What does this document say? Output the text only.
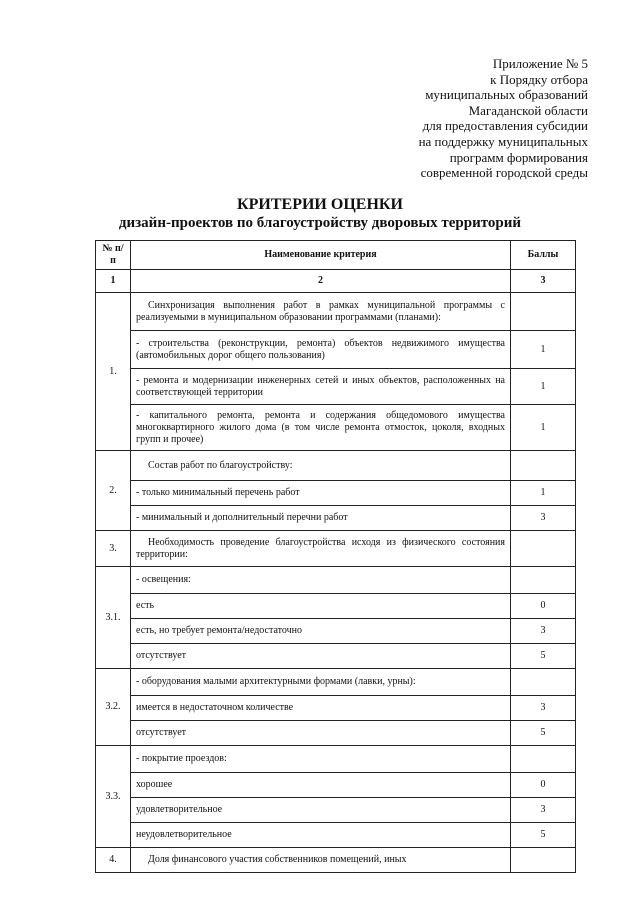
Приложение № 5
к Порядку отбора
муниципальных образований
Магаданской области
для предоставления субсидии
на поддержку муниципальных
программ формирования
современной городской среды
КРИТЕРИИ ОЦЕНКИ
дизайн-проектов по благоустройству дворовых территорий
№ п/п	Наименование критерия	Баллы
1	2	3
1.	Синхронизация выполнения работ в рамках муниципальной программы с реализуемыми в муниципальном образовании программами (планами):	
	- строительства (реконструкции, ремонта) объектов недвижимого имущества (автомобильных дорог общего пользования)	1
	- ремонта и модернизации инженерных сетей и иных объектов, расположенных на соответствующей территории	1
	- капитального ремонта, ремонта и содержания общедомового имущества многоквартирного жилого дома (в том числе ремонта отмосток, цоколя, входных групп и прочее)	1
2.	Состав работ по благоустройству:	
	- только минимальный перечень работ	1
	- минимальный и дополнительный перечни работ	3
3.	Необходимость проведение благоустройства исходя из физического состояния территории:	
3.1.	- освещения:	
	есть	0
	есть, но требует ремонта/недостаточно	3
	отсутствует	5
3.2.	- оборудования малыми архитектурными формами (лавки, урны):	
	имеется в недостаточном количестве	3
	отсутствует	5
3.3.	- покрытие проездов:	
	хорошее	0
	удовлетворительное	3
	неудовлетворительное	5
4.	Доля финансового участия собственников помещений, иных	
